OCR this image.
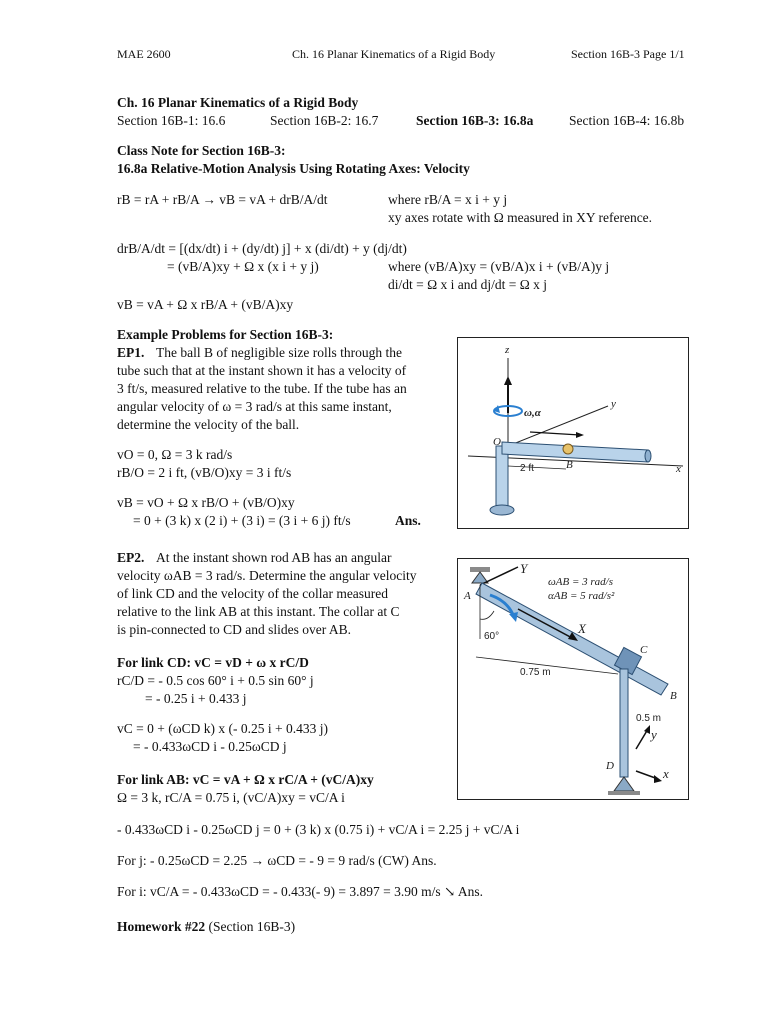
MAE 2600	Ch. 16 Planar Kinematics of a Rigid Body	Section 16B-3 Page 1/1
Ch. 16 Planar Kinematics of a Rigid Body
Section 16B-1: 16.6	Section 16B-2: 16.7	Section 16B-3: 16.8a	Section 16B-4: 16.8b
Class Note for Section 16B-3:
16.8a Relative-Motion Analysis Using Rotating Axes: Velocity
rB = rA + rB/A → vB = vA + drB/A/dt	where rB/A = x i + y j
xy axes rotate with Ω measured in XY reference.
drB/A/dt = [(dx/dt) i + (dy/dt) j] + x (di/dt) + y (dj/dt)
= (vB/A)xy + Ω x (x i + y j)	where (vB/A)xy = (vB/A)x i + (vB/A)y j
di/dt = Ω x i and dj/dt = Ω x j
vB = vA + Ω x rB/A + (vB/A)xy
Example Problems for Section 16B-3:
EP1. The ball B of negligible size rolls through the
tube such that at the instant shown it has a velocity of
3 ft/s, measured relative to the tube. If the tube has an
angular velocity of ω = 3 rad/s at this same instant,
determine the velocity of the ball.
vO = 0, Ω = 3 k rad/s
rB/O = 2 i ft, (vB/O)xy = 3 i ft/s
vB = vO + Ω x rB/O + (vB/O)xy
= 0 + (3 k) x (2 i) + (3 i) = (3 i + 6 j) ft/s	Ans.
z
ω,α
y
x
O
B
2 ft
EP2. At the instant shown rod AB has an angular
velocity ωAB = 3 rad/s. Determine the angular velocity
of link CD and the velocity of the collar measured
relative to the link AB at this instant. The collar at C
is pin-connected to CD and slides over AB.
For link CD: vC = vD + ω x rC/D
rC/D = - 0.5 cos 60° i + 0.5 sin 60° j
= - 0.25 i + 0.433 j
vC = 0 + (ωCD k) x (- 0.25 i + 0.433 j)
= - 0.433ωCD i - 0.25ωCD j
For link AB: vC = vA + Ω x rC/A + (vC/A)xy
Ω = 3 k, rC/A = 0.75 i, (vC/A)xy = vC/A i
- 0.433ωCD i - 0.25ωCD j = 0 + (3 k) x (0.75 i) + vC/A i = 2.25 j + vC/A i
For j: - 0.25ωCD = 2.25 → ωCD = - 9 = 9 rad/s (CW) Ans.
For i: vC/A = - 0.433ωCD = - 0.433(- 9) = 3.897 = 3.90 m/s ↘ Ans.
Y
A
ωAB = 3 rad/s
αAB = 5 rad/s²
X
60°
0.75 m
C
B
D
0.5 m
y
x
Homework #22 (Section 16B-3)
